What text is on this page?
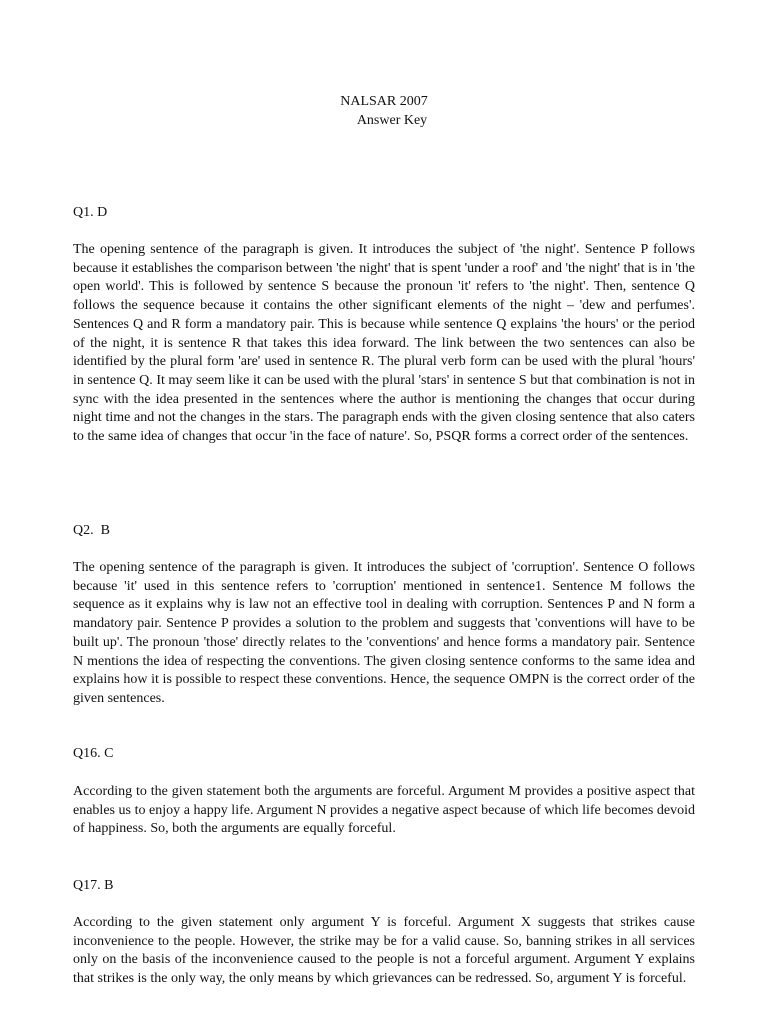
NALSAR 2007
Answer Key
Q1. D
The opening sentence of the paragraph is given. It introduces the subject of 'the night'. Sentence P follows because it establishes the comparison between 'the night' that is spent 'under a roof' and 'the night' that is in 'the open world'. This is followed by sentence S because the pronoun 'it' refers to 'the night'. Then, sentence Q follows the sequence because it contains the other significant elements of the night – 'dew and perfumes'. Sentences Q and R form a mandatory pair. This is because while sentence Q explains 'the hours' or the period of the night, it is sentence R that takes this idea forward. The link between the two sentences can also be identified by the plural form 'are' used in sentence R. The plural verb form can be used with the plural 'hours' in sentence Q. It may seem like it can be used with the plural 'stars' in sentence S but that combination is not in sync with the idea presented in the sentences where the author is mentioning the changes that occur during night time and not the changes in the stars. The paragraph ends with the given closing sentence that also caters to the same idea of changes that occur 'in the face of nature'. So, PSQR forms a correct order of the sentences.
Q2.  B
The opening sentence of the paragraph is given. It introduces the subject of 'corruption'. Sentence O follows because 'it' used in this sentence refers to 'corruption' mentioned in sentence1. Sentence M follows the sequence as it explains why is law not an effective tool in dealing with corruption. Sentences P and N form a mandatory pair. Sentence P provides a solution to the problem and suggests that 'conventions will have to be built up'. The pronoun 'those' directly relates to the 'conventions' and hence forms a mandatory pair. Sentence N mentions the idea of respecting the conventions. The given closing sentence conforms to the same idea and explains how it is possible to respect these conventions. Hence, the sequence OMPN is the correct order of the given sentences.
Q16. C
According to the given statement both the arguments are forceful. Argument M provides a positive aspect that enables us to enjoy a happy life. Argument N provides a negative aspect because of which life becomes devoid of happiness. So, both the arguments are equally forceful.
Q17. B
According to the given statement only argument Y is forceful. Argument X suggests that strikes cause inconvenience to the people. However, the strike may be for a valid cause. So, banning strikes in all services only on the basis of the inconvenience caused to the people is not a forceful argument. Argument Y explains that strikes is the only way, the only means by which grievances can be redressed. So, argument Y is forceful.
